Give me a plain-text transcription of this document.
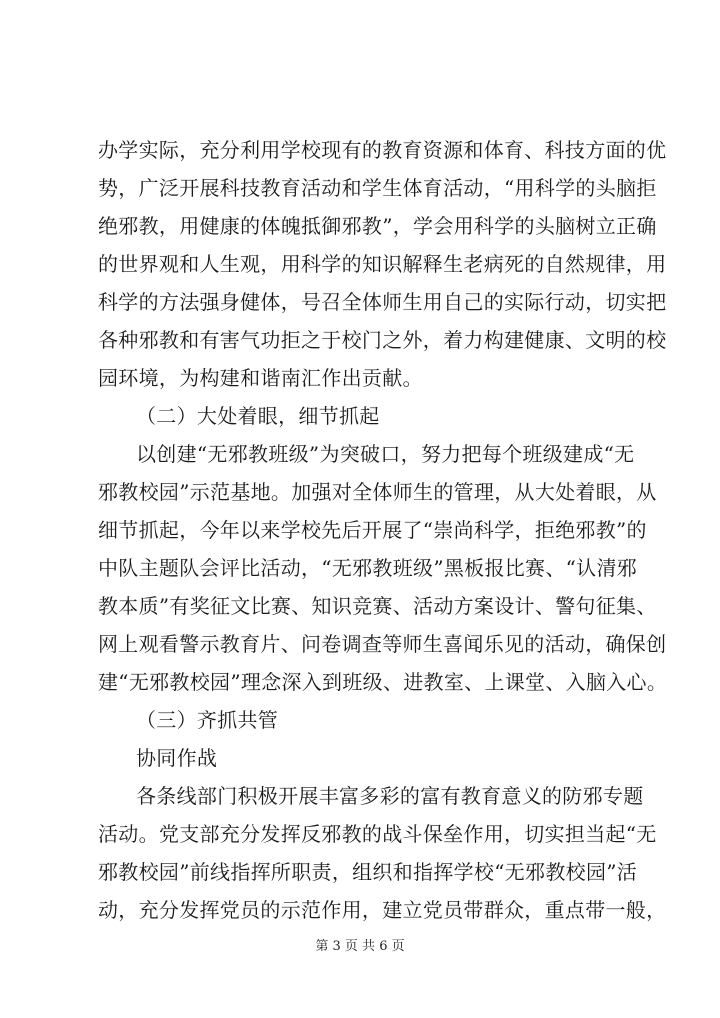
办学实际，充分利用学校现有的教育资源和体育、科技方面的优
势，广泛开展科技教育活动和学生体育活动，“用科学的头脑拒
绝邪教，用健康的体魄抵御邪教”，学会用科学的头脑树立正确
的世界观和人生观，用科学的知识解释生老病死的自然规律，用
科学的方法强身健体，号召全体师生用自己的实际行动，切实把
各种邪教和有害气功拒之于校门之外，着力构建健康、文明的校
园环境，为构建和谐南汇作出贡献。
（二）大处着眼，细节抓起
以创建“无邪教班级”为突破口，努力把每个班级建成“无
邪教校园”示范基地。加强对全体师生的管理，从大处着眼，从
细节抓起，今年以来学校先后开展了“崇尚科学，拒绝邪教”的
中队主题队会评比活动，“无邪教班级”黑板报比赛、“认清邪
教本质”有奖征文比赛、知识竞赛、活动方案设计、警句征集、
网上观看警示教育片、问卷调查等师生喜闻乐见的活动，确保创
建“无邪教校园”理念深入到班级、进教室、上课堂、入脑入心。
（三）齐抓共管
协同作战
各条线部门积极开展丰富多彩的富有教育意义的防邪专题
活动。党支部充分发挥反邪教的战斗保垒作用，切实担当起“无
邪教校园”前线指挥所职责，组织和指挥学校“无邪教校园”活
动，充分发挥党员的示范作用，建立党员带群众，重点带一般，
第 3 页 共 6 页
